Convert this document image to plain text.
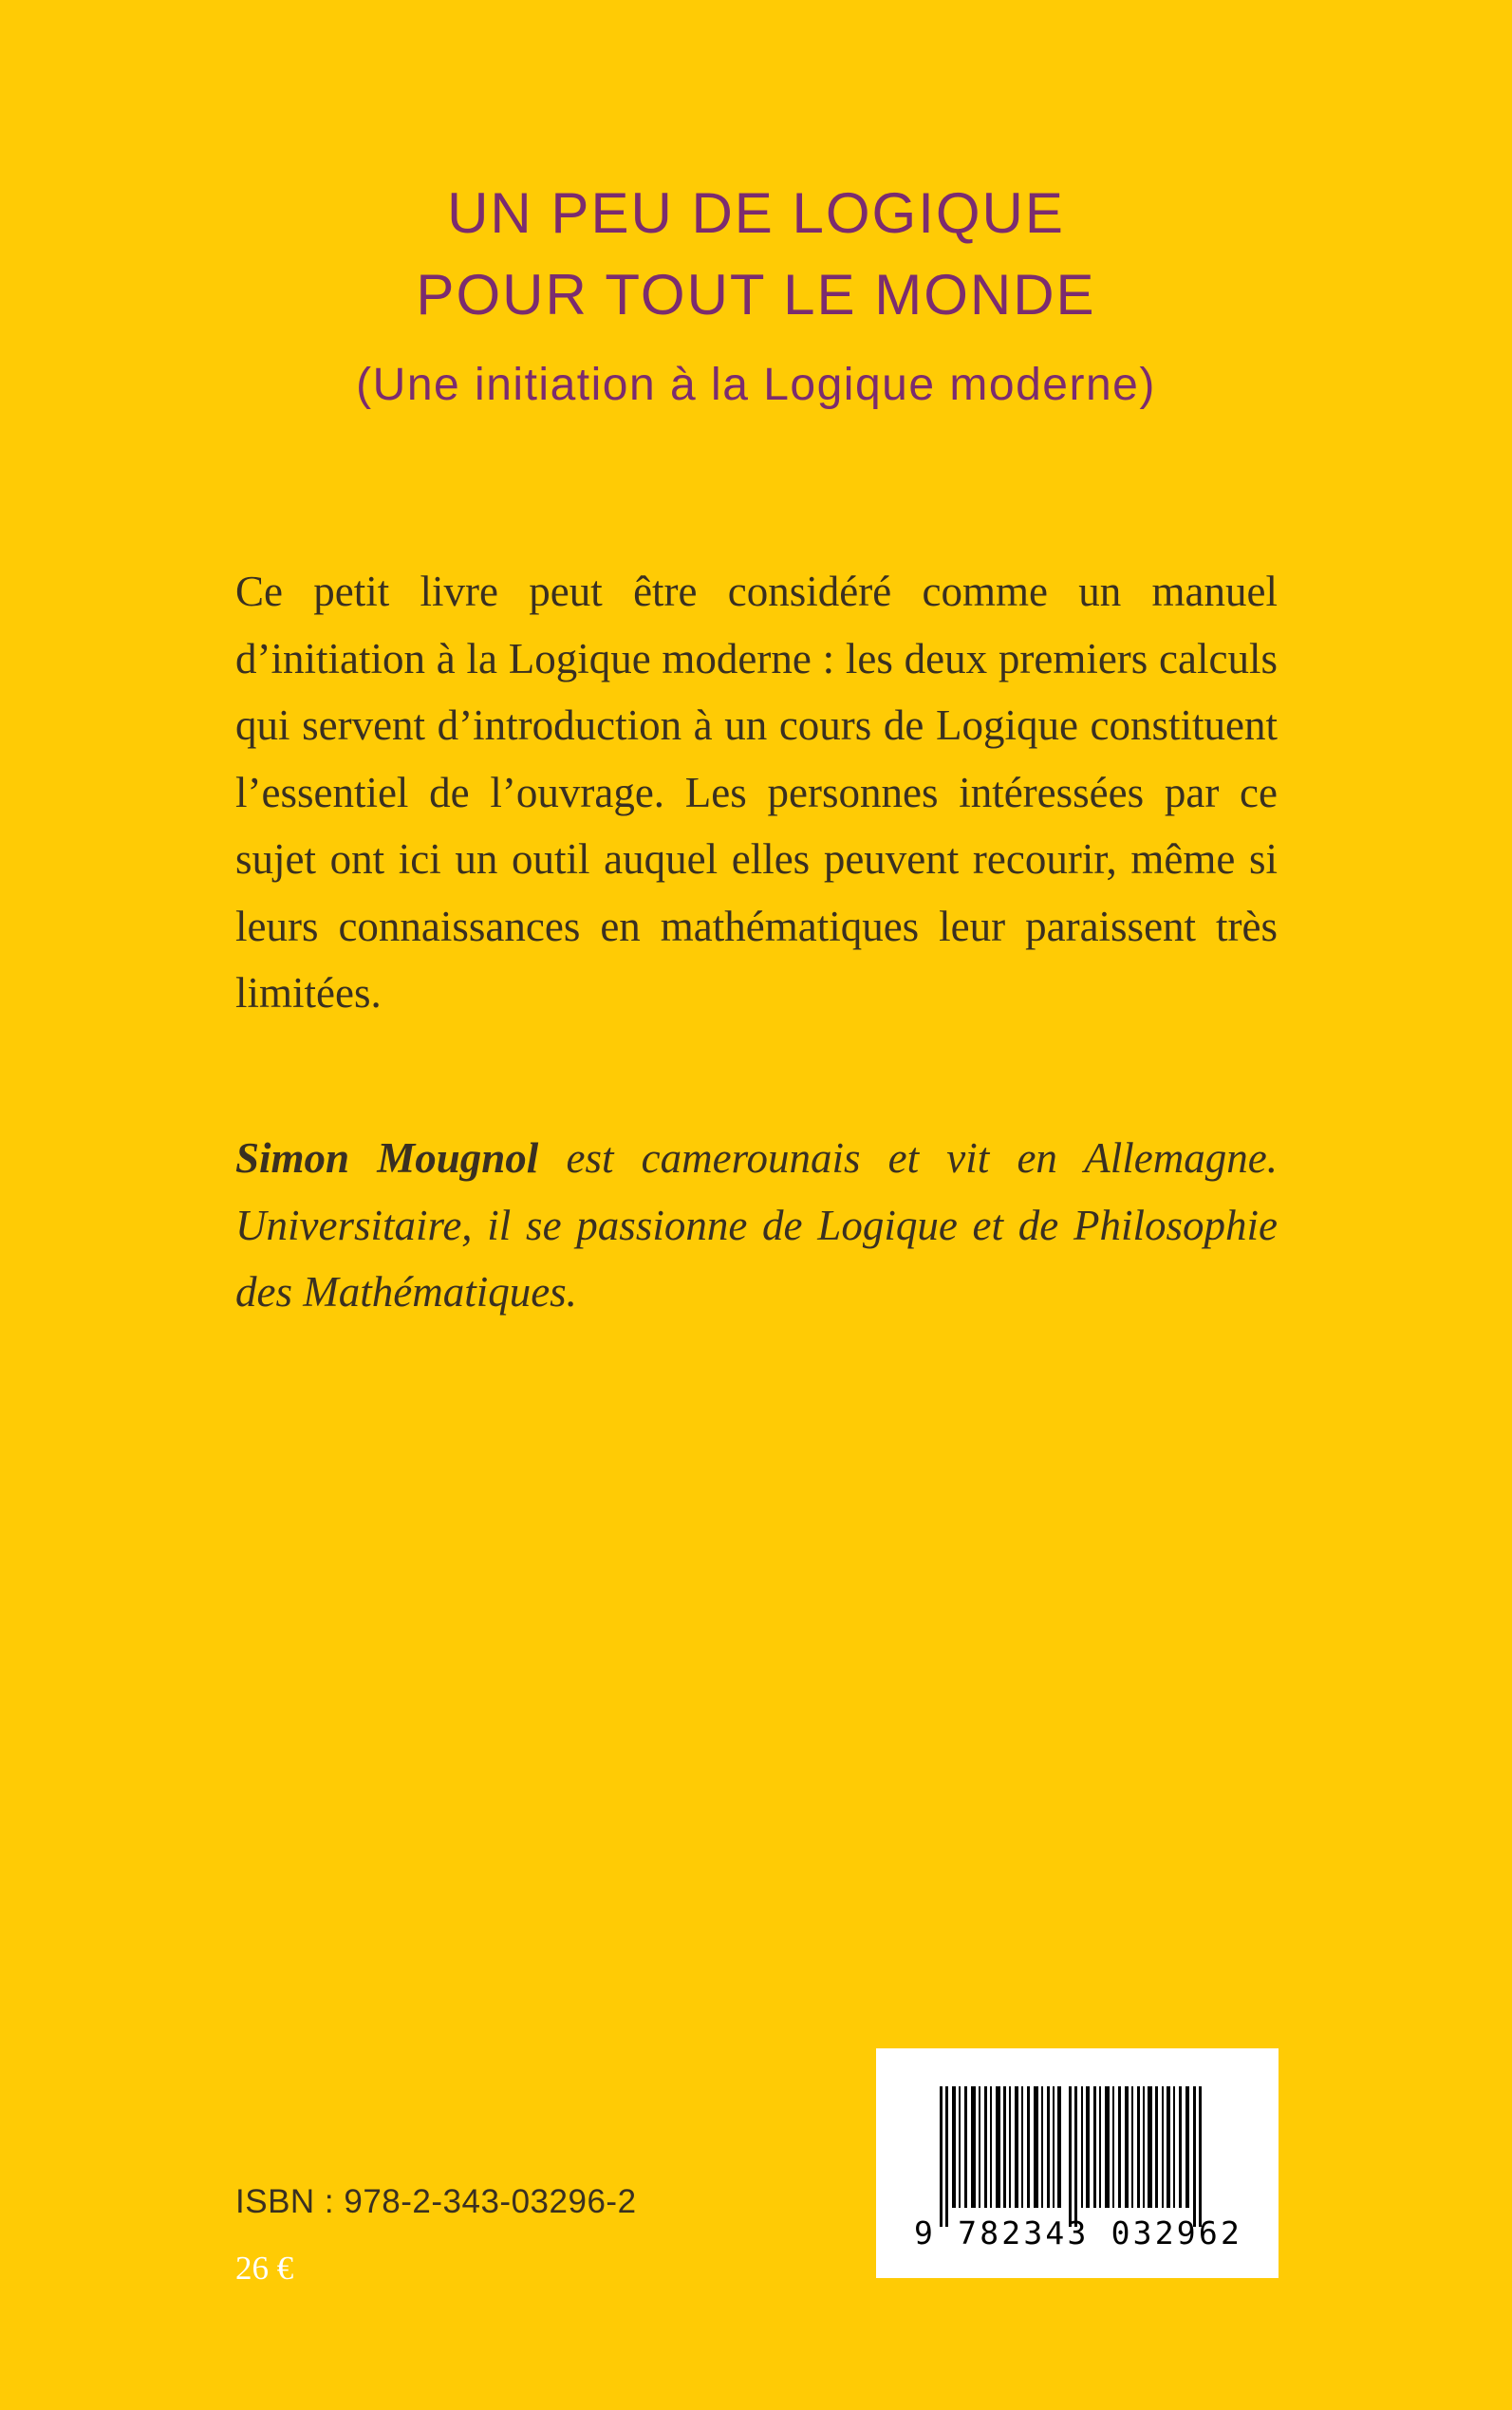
UN PEU DE LOGIQUE
POUR TOUT LE MONDE
(Une initiation à la Logique moderne)

Ce petit livre peut être considéré comme un manuel d’initiation à la Logique moderne : les deux premiers calculs qui servent d’introduction à un cours de Logique constituent l’essentiel de l’ouvrage. Les personnes intéressées par ce sujet ont ici un outil auquel elles peuvent recourir, même si leurs connaissances en mathématiques leur paraissent très limitées.

Simon Mougnol est camerounais et vit en Allemagne. Universitaire, il se passionne de Logique et de Philosophie des Mathématiques.

ISBN : 978-2-343-03296-2
26 €
9 782343 032962
